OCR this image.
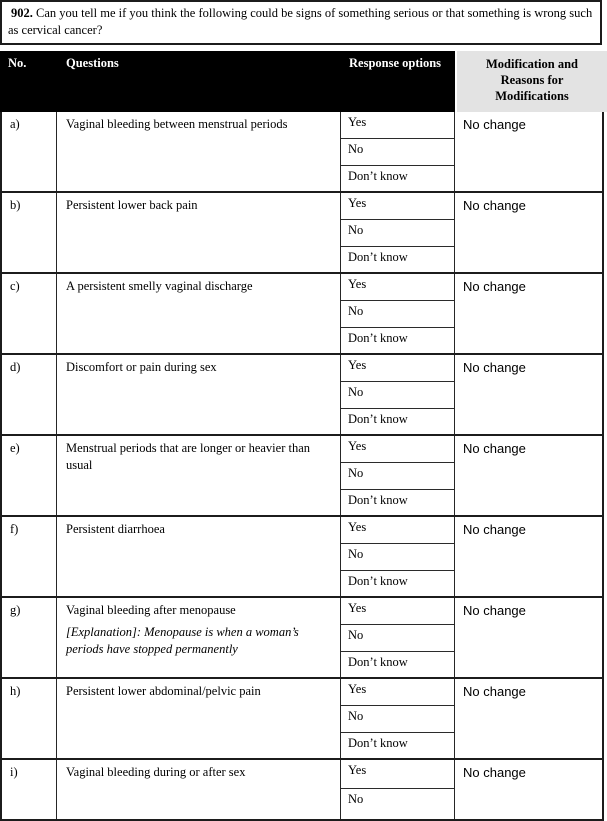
902. Can you tell me if you think the following could be signs of something serious or that something is wrong such as cervical cancer?
No.	Questions	Response options	Modification and Reasons for Modifications
a)	Vaginal bleeding between menstrual periods	Yes
No
Don’t know
No change
b)	Persistent lower back pain	Yes
No
Don’t know
No change
c)	A persistent smelly vaginal discharge	Yes
No
Don’t know
No change
d)	Discomfort or pain during sex	Yes
No
Don’t know
No change
e)	Menstrual periods that are longer or heavier than usual
Yes
No
Don’t know
No change
f)	Persistent diarrhoea	Yes
No
Don’t know
No change
g)	Vaginal bleeding after menopause
[Explanation]: Menopause is when a woman’s periods have stopped permanently
Yes
No
Don’t know
No change
h)	Persistent lower abdominal/pelvic pain	Yes
No
Don’t know
No change
i)	Vaginal bleeding during or after sex	Yes
No
No change
